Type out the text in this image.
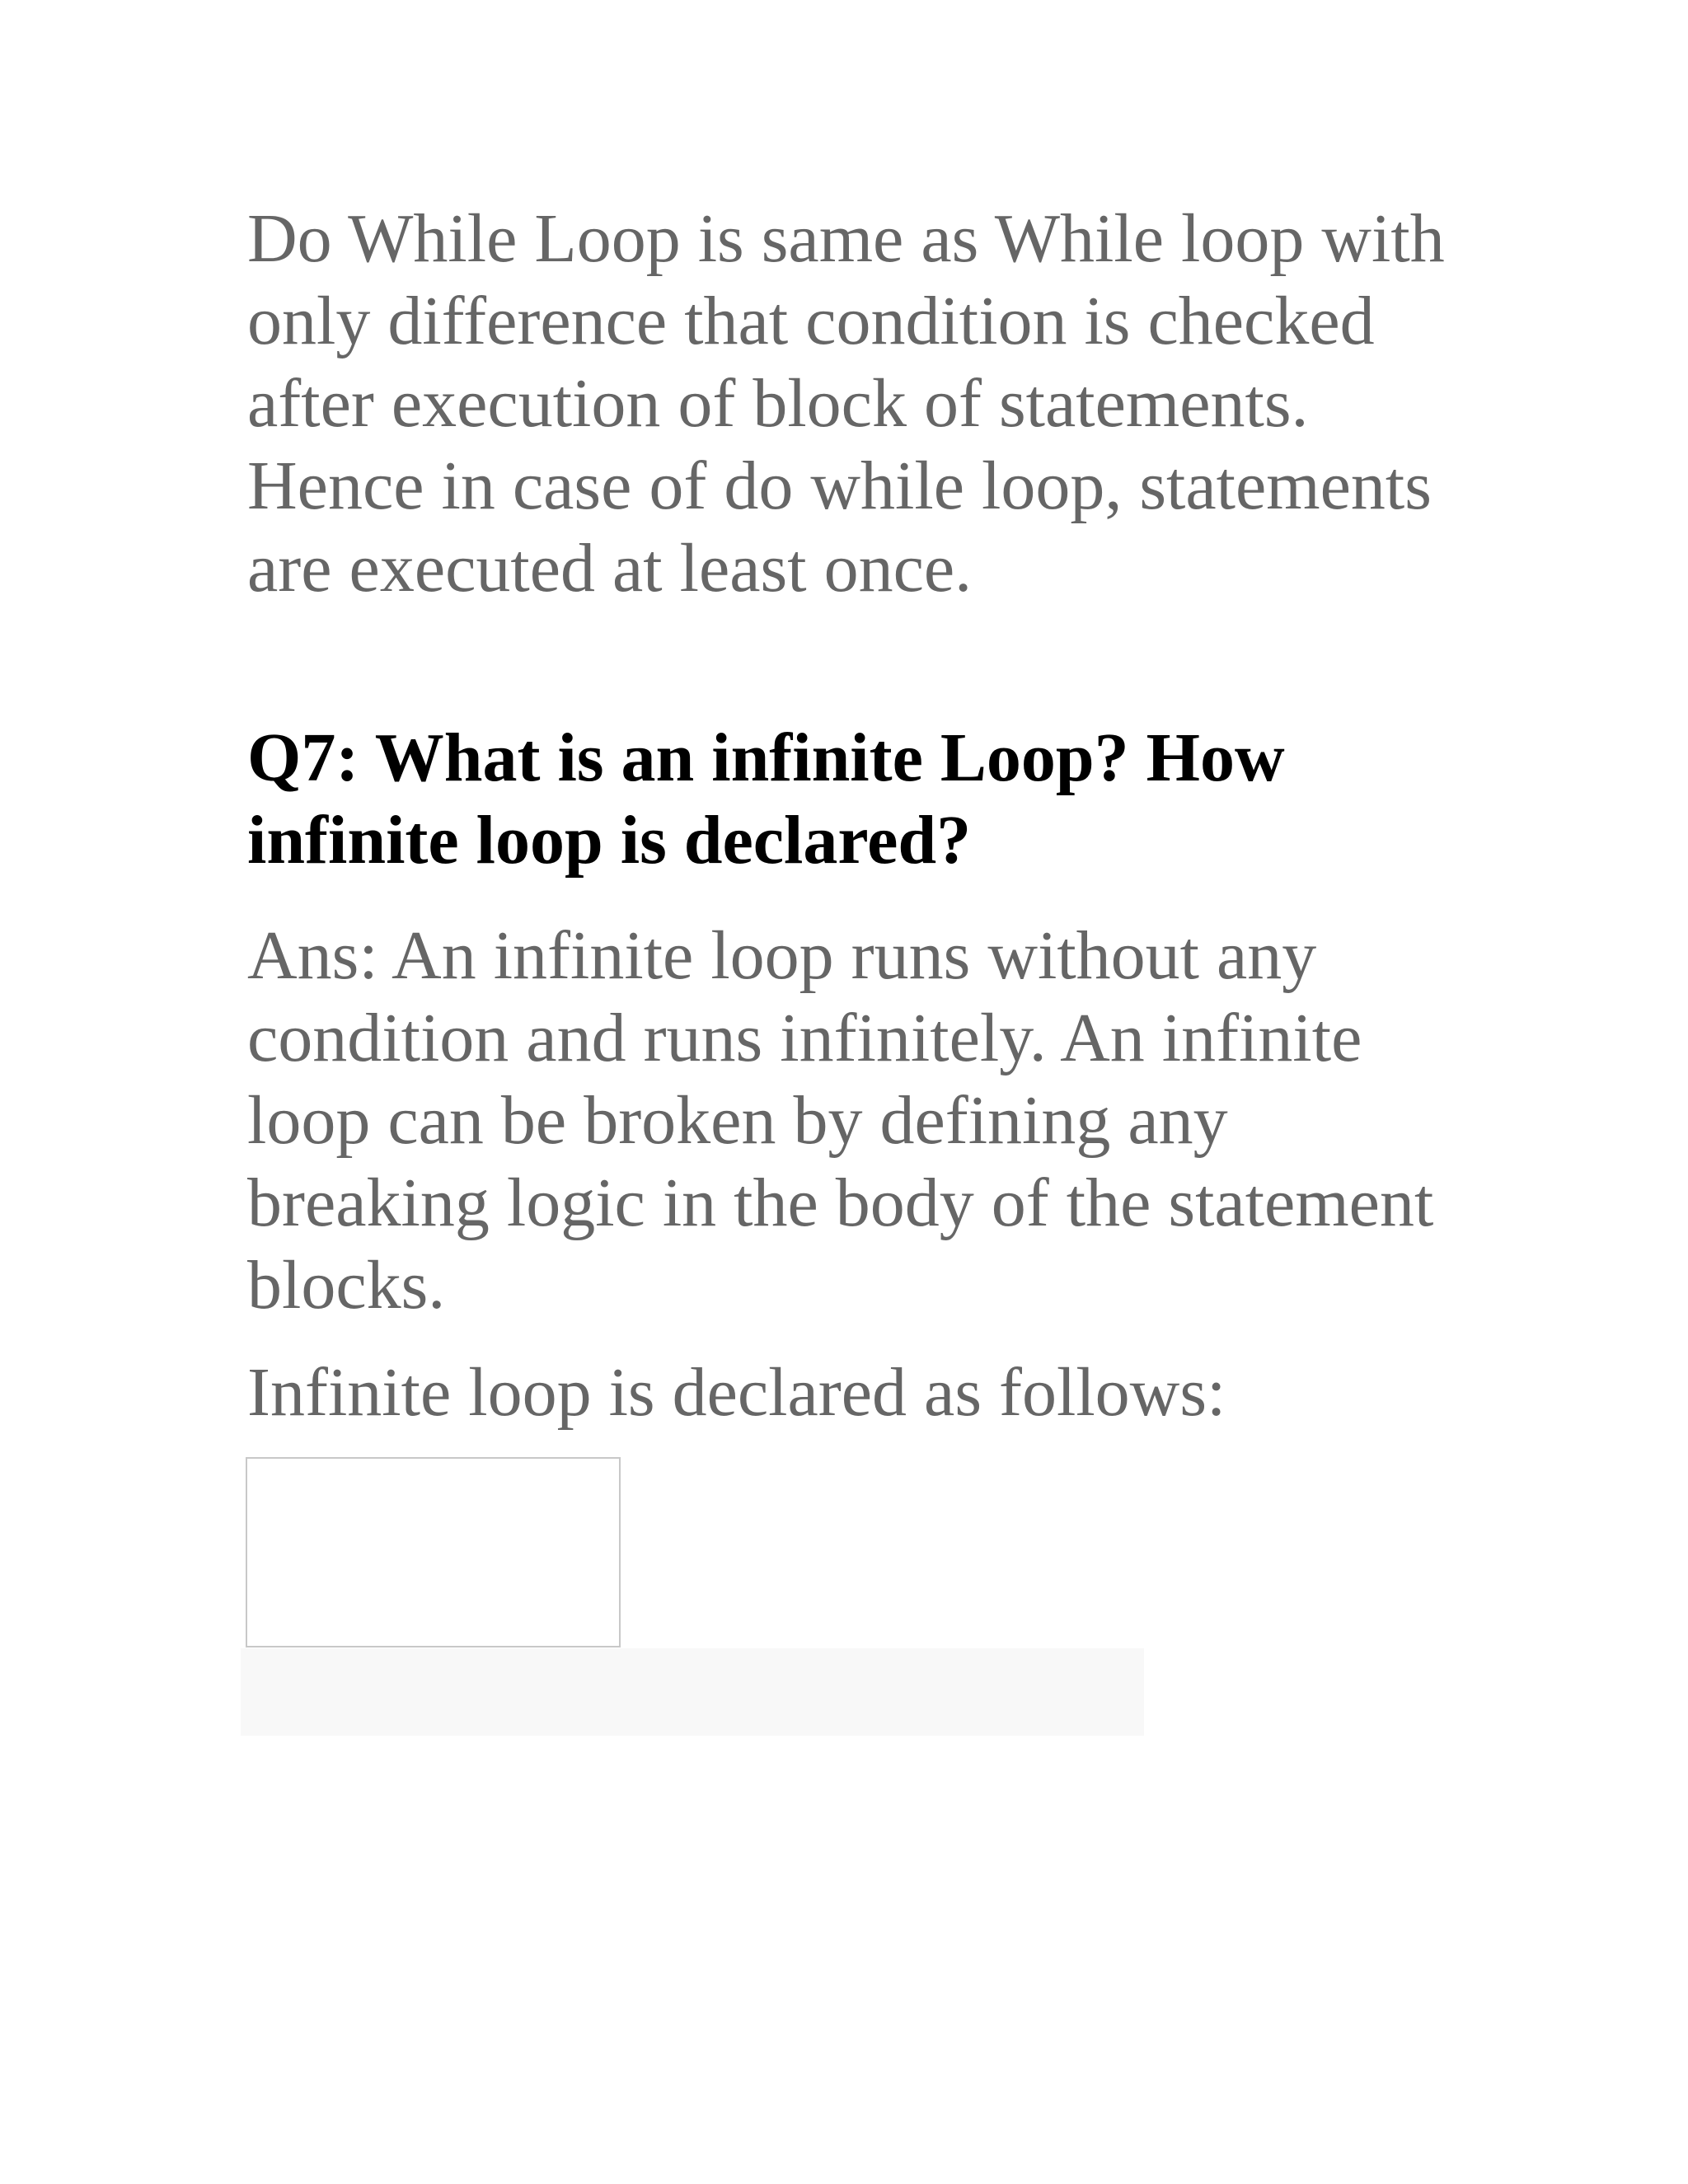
Do While Loop is same as While loop with only difference that condition is checked after execution of block of statements. Hence in case of do while loop, statements are executed at least once.

Q7: What is an infinite Loop? How infinite loop is declared?

Ans: An infinite loop runs without any condition and runs infinitely. An infinite loop can be broken by defining any breaking logic in the body of the statement blocks.

Infinite loop is declared as follows:
